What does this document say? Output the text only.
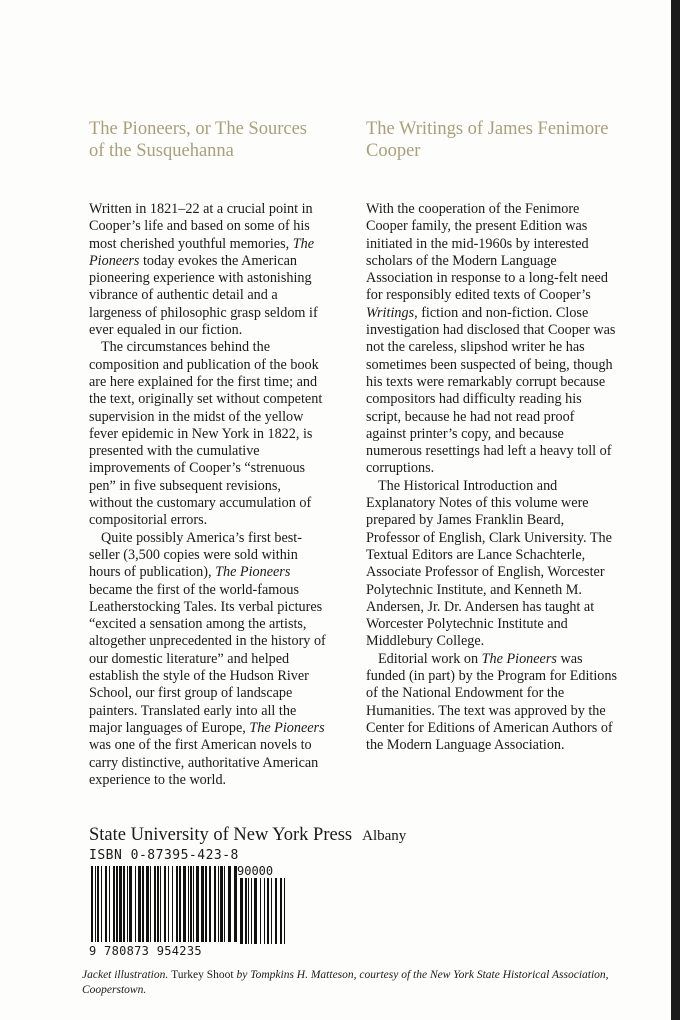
The Pioneers, or The Sources of the Susquehanna

Written in 1821–22 at a crucial point in Cooper’s life and based on some of his most cherished youthful memories, The Pioneers today evokes the American pioneering experience with astonishing vibrance of authentic detail and a largeness of philosophic grasp seldom if ever equaled in our fiction.

The circumstances behind the composition and publication of the book are here explained for the first time; and the text, originally set without competent supervision in the midst of the yellow fever epidemic in New York in 1822, is presented with the cumulative improvements of Cooper’s “strenuous pen” in five subsequent revisions, without the customary accumulation of compositorial errors.

Quite possibly America’s first best-seller (3,500 copies were sold within hours of publication), The Pioneers became the first of the world-famous Leatherstocking Tales. Its verbal pictures “excited a sensation among the artists, altogether unprecedented in the history of our domestic literature” and helped establish the style of the Hudson River School, our first group of landscape painters. Translated early into all the major languages of Europe, The Pioneers was one of the first American novels to carry distinctive, authoritative American experience to the world.

The Writings of James Fenimore Cooper

With the cooperation of the Fenimore Cooper family, the present Edition was initiated in the mid-1960s by interested scholars of the Modern Language Association in response to a long-felt need for responsibly edited texts of Cooper’s Writings, fiction and non-fiction. Close investigation had disclosed that Cooper was not the careless, slipshod writer he has sometimes been suspected of being, though his texts were remarkably corrupt because compositors had difficulty reading his script, because he had not read proof against printer’s copy, and because numerous resettings had left a heavy toll of corruptions.

The Historical Introduction and Explanatory Notes of this volume were prepared by James Franklin Beard, Professor of English, Clark University. The Textual Editors are Lance Schachterle, Associate Professor of English, Worcester Polytechnic Institute, and Kenneth M. Andersen, Jr. Dr. Andersen has taught at Worcester Polytechnic Institute and Middlebury College.

Editorial work on The Pioneers was funded (in part) by the Program for Editions of the National Endowment for the Humanities. The text was approved by the Center for Editions of American Authors of the Modern Language Association.

State University of New York Press Albany
ISBN 0-87395-423-8
90000
9 780873 954235
Jacket illustration. Turkey Shoot by Tompkins H. Matteson, courtesy of the New York State Historical Association, Cooperstown.
